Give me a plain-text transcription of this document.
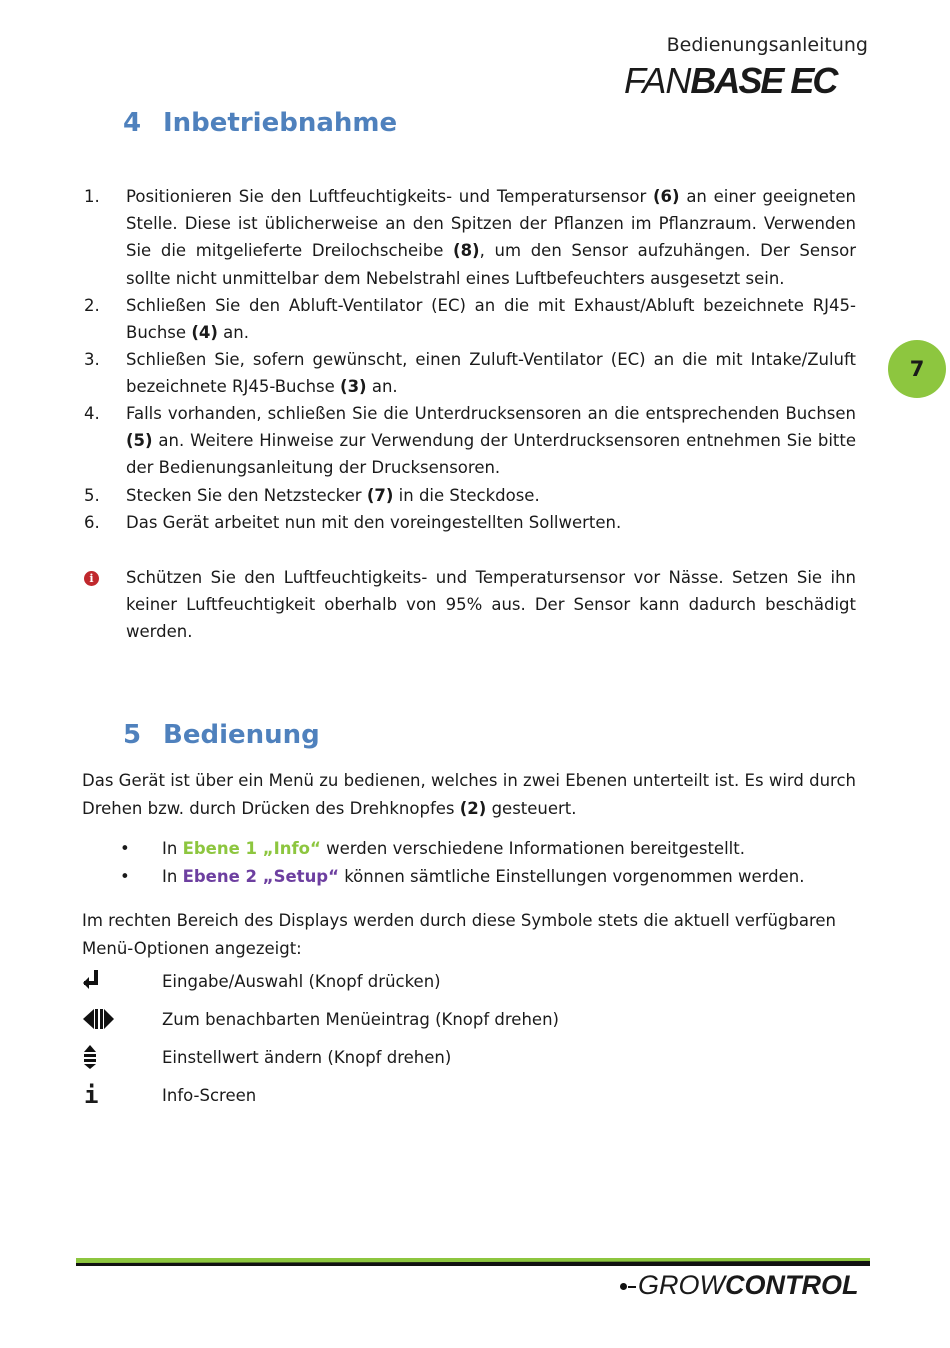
Bedienungsanleitung
FANBASE EC
4 Inbetriebnahme
7
1.	Positionieren Sie den Luftfeuchtigkeits- und Temperatursensor (6) an einer geeigneten Stelle. Diese ist üblicherweise an den Spitzen der Pflanzen im Pflanzraum. Verwenden Sie die mitgelieferte Dreilochscheibe (8), um den Sensor aufzuhängen. Der Sensor sollte nicht unmittelbar dem Nebelstrahl eines Luftbefeuchters ausgesetzt sein.
2.	Schließen Sie den Abluft-Ventilator (EC) an die mit Exhaust/Abluft bezeichnete RJ45-Buchse (4) an.
3.	Schließen Sie, sofern gewünscht, einen Zuluft-Ventilator (EC) an die mit Intake/Zuluft bezeichnete RJ45-Buchse (3) an.
4.	Falls vorhanden, schließen Sie die Unterdrucksensoren an die entsprechenden Buchsen (5) an. Weitere Hinweise zur Verwendung der Unterdrucksensoren entnehmen Sie bitte der Bedienungsanleitung der Drucksensoren.
5.	Stecken Sie den Netzstecker (7) in die Steckdose.
6.	Das Gerät arbeitet nun mit den voreingestellten Sollwerten.
i	Schützen Sie den Luftfeuchtigkeits- und Temperatursensor vor Nässe. Setzen Sie ihn keiner Luftfeuchtigkeit oberhalb von 95% aus. Der Sensor kann dadurch beschädigt werden.
5 Bedienung
Das Gerät ist über ein Menü zu bedienen, welches in zwei Ebenen unterteilt ist. Es wird durch Drehen bzw. durch Drücken des Drehknopfes (2) gesteuert.
• In Ebene 1 „Info“ werden verschiedene Informationen bereitgestellt.
• In Ebene 2 „Setup“ können sämtliche Einstellungen vorgenommen werden.
Im rechten Bereich des Displays werden durch diese Symbole stets die aktuell verfügbaren Menü-Optionen angezeigt:
Eingabe/Auswahl (Knopf drücken)
Zum benachbarten Menüeintrag (Knopf drehen)
Einstellwert ändern (Knopf drehen)
i	Info-Screen
GROWCONTROL
